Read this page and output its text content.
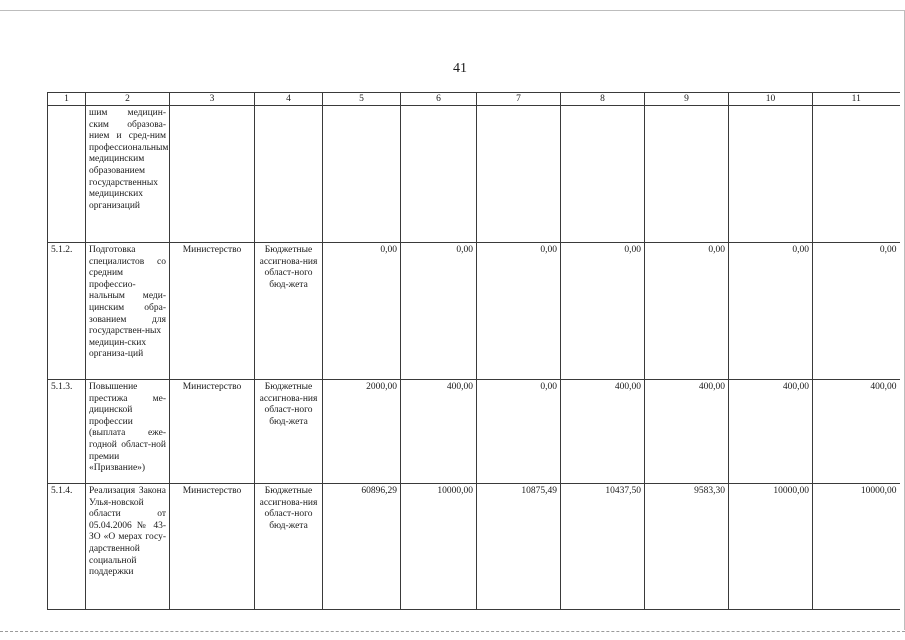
41
1	2	3	4	5	6	7	8	9	10	11
	шим медицин-ским образова-нием и сред-ним профессиональным медицинским образованием государственных медицинских организаций									
5.1.2.	Подготовка специалистов со средним профессио-нальным меди-цинским обра-зованием для государствен-ных медицин-ских организа-ций	Министерство	Бюджетные ассигнова-ния област-ного бюд-жета	0,00	0,00	0,00	0,00	0,00	0,00	0,00
5.1.3.	Повышение престижа ме-дицинской профессии (выплата еже-годной област-ной премии «Призвание»)	Министерство	Бюджетные ассигнова-ния област-ного бюд-жета	2000,00	400,00	0,00	400,00	400,00	400,00	400,00
5.1.4.	Реализация Закона Улья-новской области от 05.04.2006 № 43-ЗО «О мерах госу-дарственной социальной поддержки	Министерство	Бюджетные ассигнова-ния област-ного бюд-жета	60896,29	10000,00	10875,49	10437,50	9583,30	10000,00	10000,00
